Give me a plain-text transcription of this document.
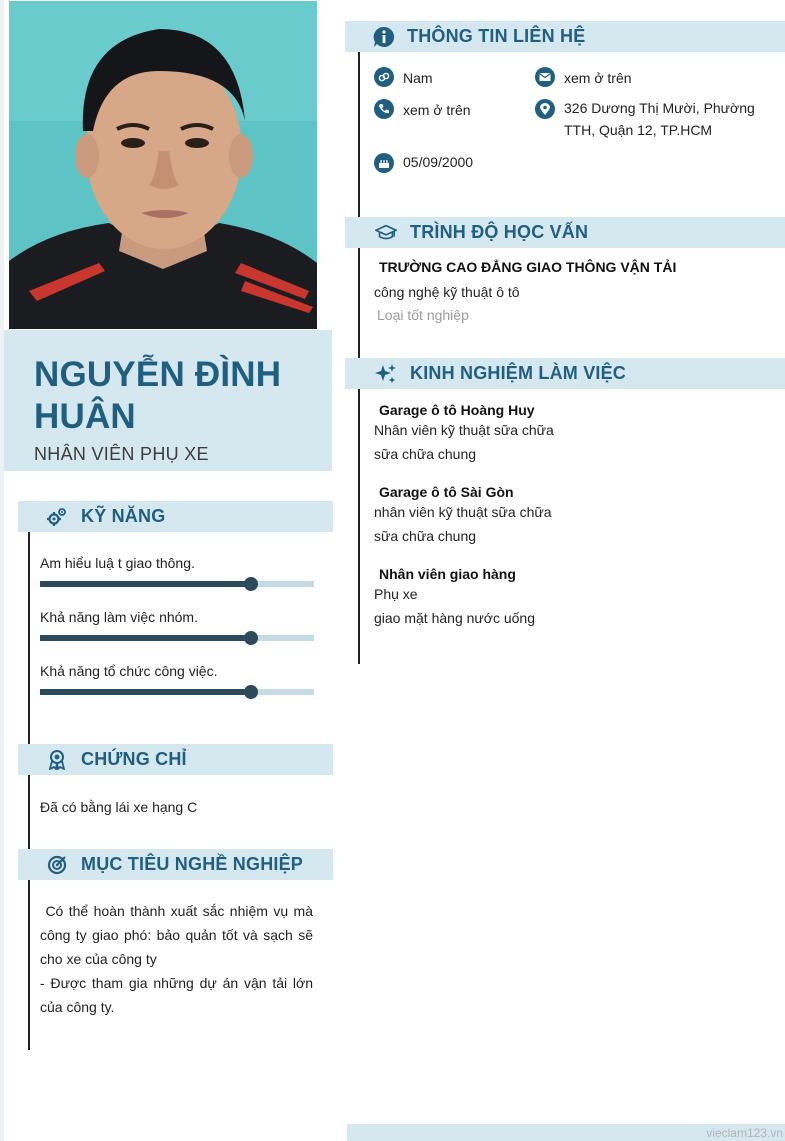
NGUYỄN ĐÌNH HUÂN
NHÂN VIÊN PHỤ XE
KỸ NĂNG
Am hiểu luậ t giao thông.
Khả năng làm việc nhóm.
Khả năng tổ chức công việc.
CHỨNG CHỈ
Đã có bằng lái xe hạng C
MỤC TIÊU NGHỀ NGHIỆP
Có thể hoàn thành xuất sắc nhiệm vụ mà công ty giao phó: bảo quản tốt và sạch sẽ cho xe của công ty
- Được tham gia những dự án vận tải lớn của công ty.
THÔNG TIN LIÊN HỆ
Nam	xem ở trên
xem ở trên	326 Dương Thị Mười, Phường TTH, Quận 12, TP.HCM
05/09/2000
TRÌNH ĐỘ HỌC VẤN
TRƯỜNG CAO ĐẲNG GIAO THÔNG VẬN TẢI
công nghệ kỹ thuật ô tô
Loại tốt nghiệp
KINH NGHIỆM LÀM VIỆC
Garage ô tô Hoàng Huy
Nhân viên kỹ thuật sữa chữa
sữa chữa chung
Garage ô tô Sài Gòn
nhân viên kỹ thuật sữa chữa
sữa chữa chung
Nhân viên giao hàng
Phụ xe
giao mặt hàng nước uống
vieclam123.vn
